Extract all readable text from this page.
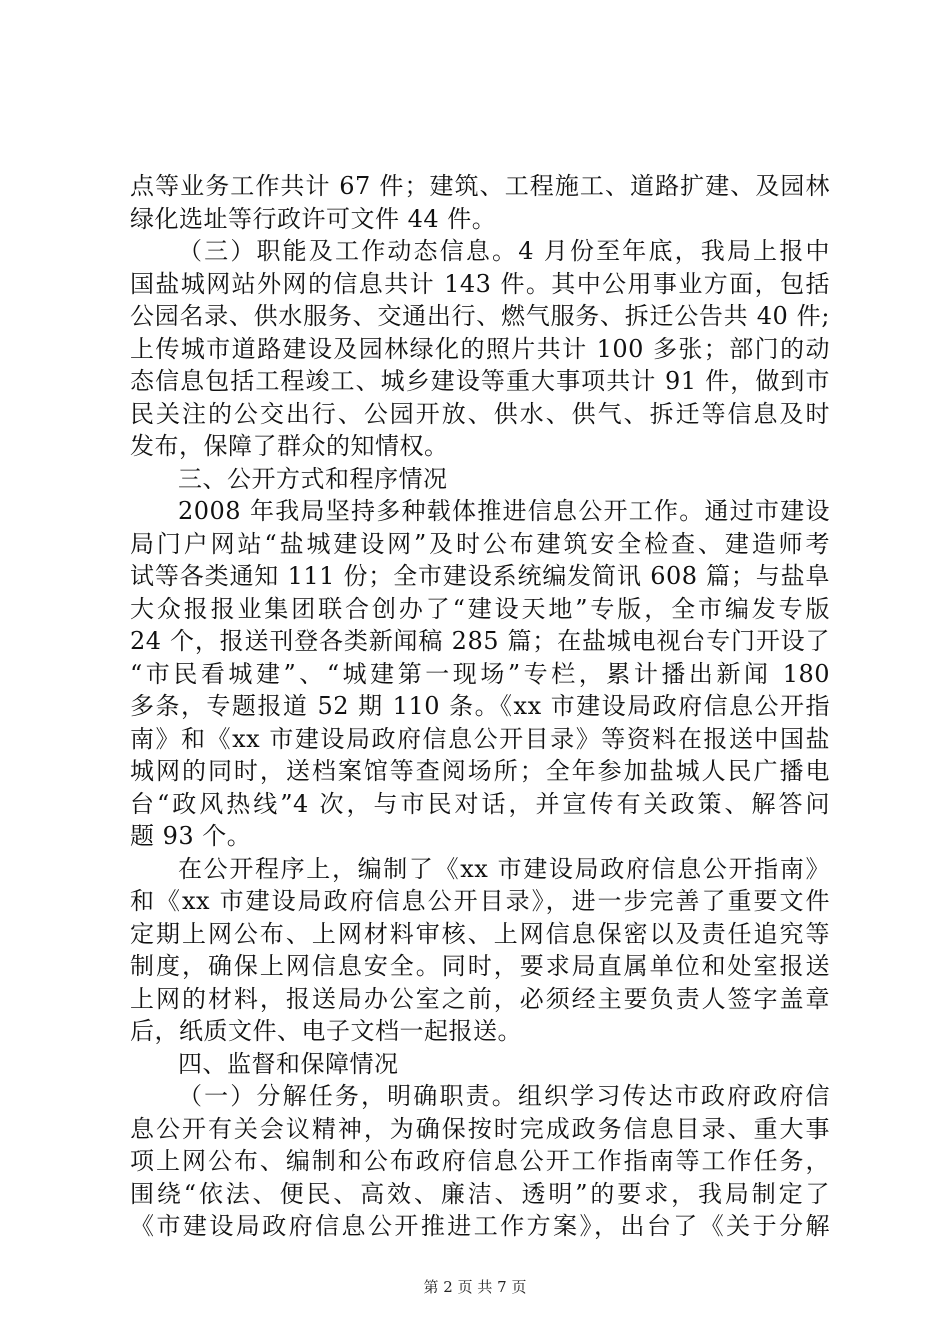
点等业务工作共计 67 件；建筑、工程施工、道路扩建、及园林
绿化选址等行政许可文件 44 件。
（三）职能及工作动态信息。4 月份至年底，我局上报中
国盐城网站外网的信息共计 143 件。其中公用事业方面，包括
公园名录、供水服务、交通出行、燃气服务、拆迁公告共 40 件;
上传城市道路建设及园林绿化的照片共计 100 多张；部门的动
态信息包括工程竣工、城乡建设等重大事项共计 91 件，做到市
民关注的公交出行、公园开放、供水、供气、拆迁等信息及时
发布，保障了群众的知情权。
三、公开方式和程序情况
2008 年我局坚持多种载体推进信息公开工作。通过市建设
局门户网站“盐城建设网”及时公布建筑安全检查、建造师考
试等各类通知 111 份；全市建设系统编发简讯 608 篇；与盐阜
大众报报业集团联合创办了“建设天地”专版，全市编发专版
24 个，报送刊登各类新闻稿 285 篇；在盐城电视台专门开设了
“市民看城建”、“城建第一现场”专栏，累计播出新闻 180
多条，专题报道 52 期 110 条。《xx 市建设局政府信息公开指
南》和《xx 市建设局政府信息公开目录》等资料在报送中国盐
城网的同时，送档案馆等查阅场所；全年参加盐城人民广播电
台“政风热线”4 次，与市民对话，并宣传有关政策、解答问
题 93 个。
在公开程序上，编制了《xx 市建设局政府信息公开指南》
和《xx 市建设局政府信息公开目录》，进一步完善了重要文件
定期上网公布、上网材料审核、上网信息保密以及责任追究等
制度，确保上网信息安全。同时，要求局直属单位和处室报送
上网的材料，报送局办公室之前，必须经主要负责人签字盖章
后，纸质文件、电子文档一起报送。
四、监督和保障情况
（一）分解任务，明确职责。组织学习传达市政府政府信
息公开有关会议精神，为确保按时完成政务信息目录、重大事
项上网公布、编制和公布政府信息公开工作指南等工作任务，
围绕“依法、便民、高效、廉洁、透明”的要求，我局制定了
《市建设局政府信息公开推进工作方案》，出台了《关于分解
第 2 页 共 7 页
